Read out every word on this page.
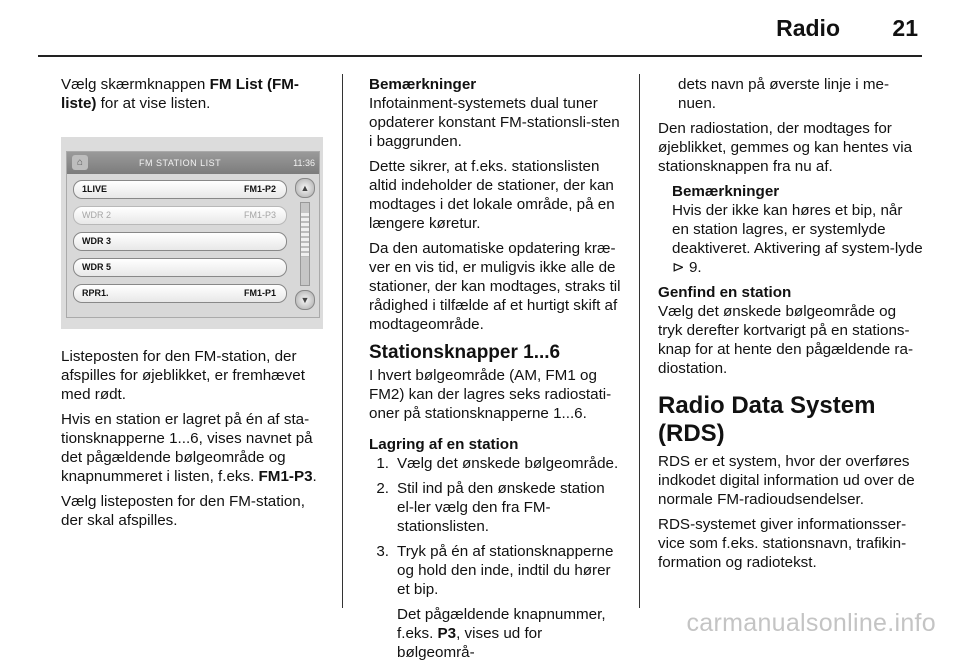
Radio 21

Vælg skærmknappen FM List (FM-liste) for at vise listen.

⌂	FM STATION LIST	11:36
1LIVE	FM1-P2
WDR 2	FM1-P3
WDR 3
WDR 5
RPR1.	FM1-P1
▲
▼

Listeposten for den FM-station, der afspilles for øjeblikket, er fremhævet med rødt.

Hvis en station er lagret på én af sta-tionsknapperne 1...6, vises navnet på det pågældende bølgeområde og knapnummeret i listen, f.eks. FM1-P3.

Vælg listeposten for den FM-station, der skal afspilles.

Bemærkninger

Infotainment-systemets dual tuner opdaterer konstant FM-stationsli-sten i baggrunden.

Dette sikrer, at f.eks. stationslisten altid indeholder de stationer, der kan modtages i det lokale område, på en længere køretur.

Da den automatiske opdatering kræ-ver en vis tid, er muligvis ikke alle de stationer, der kan modtages, straks til rådighed i tilfælde af et hurtigt skift af modtageområde.

Stationsknapper 1...6

I hvert bølgeområde (AM, FM1 og FM2) kan der lagres seks radiostati-oner på stationsknapperne 1...6.

Lagring af en station

1. Vælg det ønskede bølgeområde.
2. Stil ind på den ønskede station el-ler vælg den fra FM-stationslisten.
3. Tryk på én af stationsknapperne og hold den inde, indtil du hører et bip.

Det pågældende knapnummer, f.eks. P3, vises ud for bølgeområ-

dets navn på øverste linje i me-nuen.

Den radiostation, der modtages for øjeblikket, gemmes og kan hentes via stationsknappen fra nu af.

Bemærkninger

Hvis der ikke kan høres et bip, når en station lagres, er systemlyde deaktiveret. Aktivering af system-lyde ⊳ 9.

Genfind en station

Vælg det ønskede bølgeområde og tryk derefter kortvarigt på en stations-knap for at hente den pågældende ra-diostation.

Radio Data System (RDS)

RDS er et system, hvor der overføres indkodet digital information ud over de normale FM-radioudsendelser.

RDS-systemet giver informationsser-vice som f.eks. stationsnavn, trafikin-formation og radiotekst.

carmanualsonline.info
